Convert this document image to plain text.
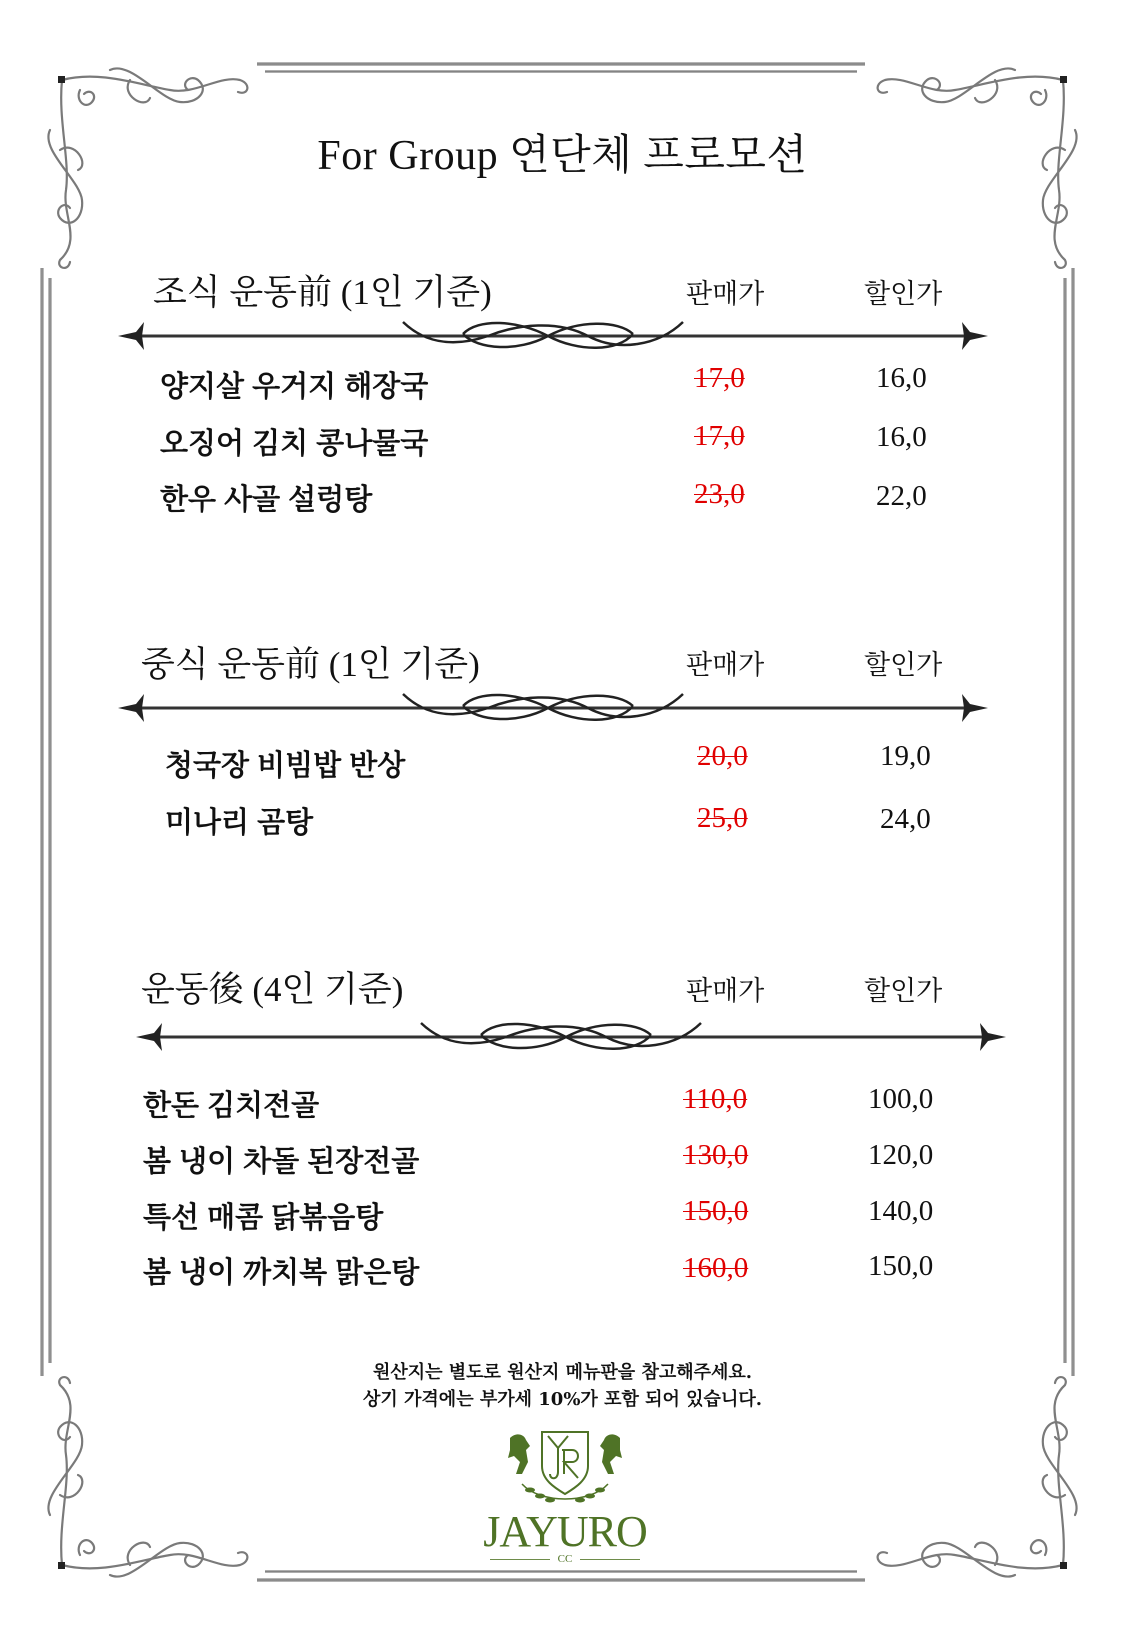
For Group 연단체 프로모션
조식 운동前 (1인 기준)	판매가	할인가
양지살 우거지 해장국	17,0	16,0
오징어 김치 콩나물국	17,0	16,0
한우 사골 설렁탕	23,0	22,0
중식 운동前 (1인 기준)	판매가	할인가
청국장 비빔밥 반상	20,0	19,0
미나리 곰탕	25,0	24,0
운동後 (4인 기준)	판매가	할인가
한돈 김치전골	110,0	100,0
봄 냉이 차돌 된장전골	130,0	120,0
특선 매콤 닭볶음탕	150,0	140,0
봄 냉이 까치복 맑은탕	160,0	150,0
원산지는 별도로 원산지 메뉴판을 참고해주세요.
상기 가격에는 부가세 10%가 포함 되어 있습니다.
JAYURO
CC
